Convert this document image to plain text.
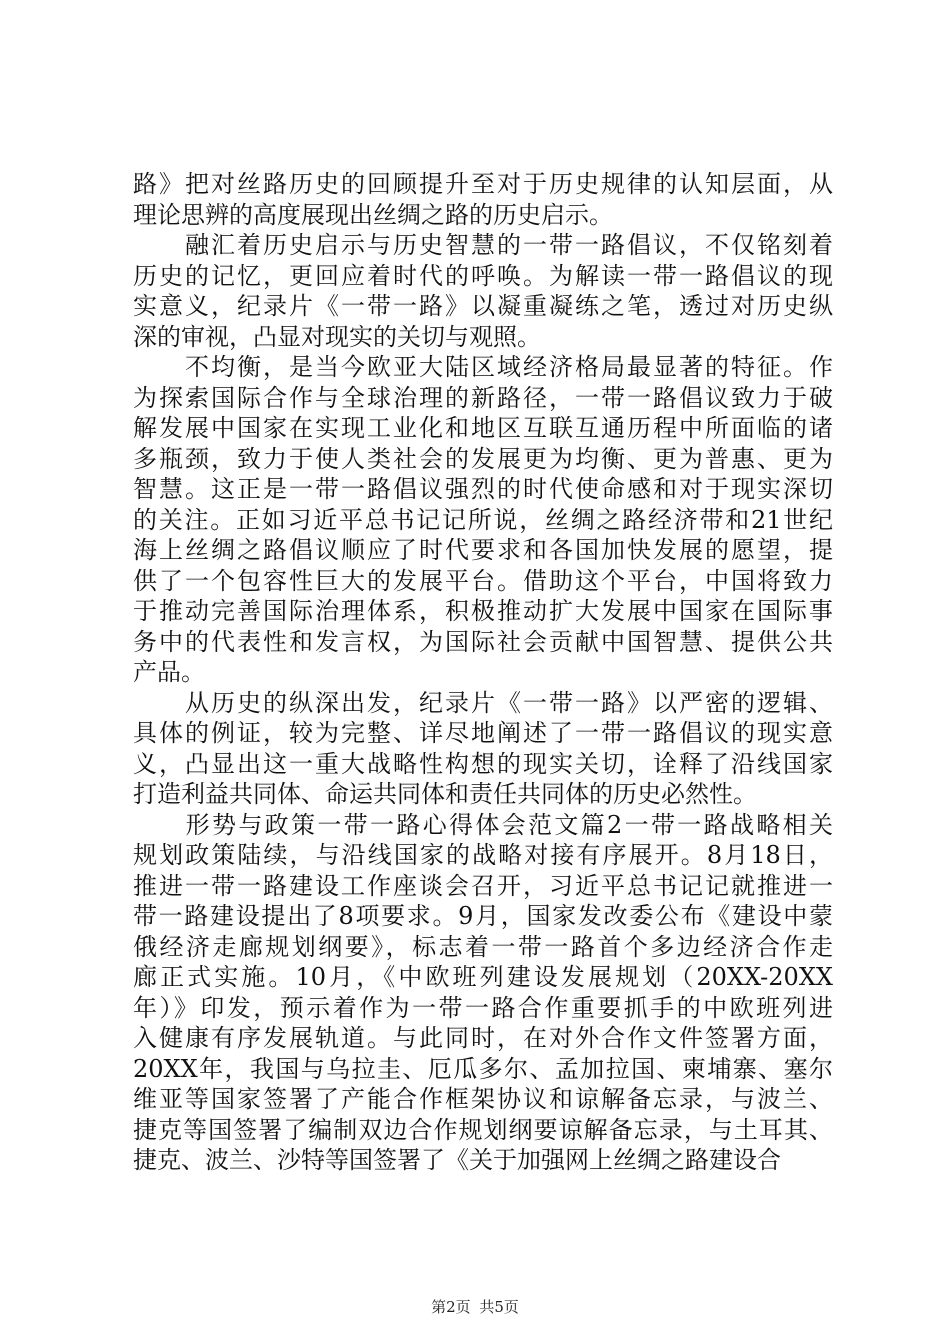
路》把对丝路历史的回顾提升至对于历史规律的认知层面，从
理论思辨的高度展现出丝绸之路的历史启示。
　　融汇着历史启示与历史智慧的一带一路倡议，不仅铭刻着
历史的记忆，更回应着时代的呼唤。为解读一带一路倡议的现
实意义，纪录片《一带一路》以凝重凝练之笔，透过对历史纵
深的审视，凸显对现实的关切与观照。
　　不均衡，是当今欧亚大陆区域经济格局最显著的特征。作
为探索国际合作与全球治理的新路径，一带一路倡议致力于破
解发展中国家在实现工业化和地区互联互通历程中所面临的诸
多瓶颈，致力于使人类社会的发展更为均衡、更为普惠、更为
智慧。这正是一带一路倡议强烈的时代使命感和对于现实深切
的关注。正如习近平总书记记所说，丝绸之路经济带和21世纪
海上丝绸之路倡议顺应了时代要求和各国加快发展的愿望，提
供了一个包容性巨大的发展平台。借助这个平台，中国将致力
于推动完善国际治理体系，积极推动扩大发展中国家在国际事
务中的代表性和发言权，为国际社会贡献中国智慧、提供公共
产品。
　　从历史的纵深出发，纪录片《一带一路》以严密的逻辑、
具体的例证，较为完整、详尽地阐述了一带一路倡议的现实意
义，凸显出这一重大战略性构想的现实关切，诠释了沿线国家
打造利益共同体、命运共同体和责任共同体的历史必然性。
　　形势与政策一带一路心得体会范文篇2一带一路战略相关
规划政策陆续，与沿线国家的战略对接有序展开。8月18日，
推进一带一路建设工作座谈会召开，习近平总书记记就推进一
带一路建设提出了8项要求。9月，国家发改委公布《建设中蒙
俄经济走廊规划纲要》，标志着一带一路首个多边经济合作走
廊正式实施。10月，《中欧班列建设发展规划（20XX-20XX
年）》印发，预示着作为一带一路合作重要抓手的中欧班列进
入健康有序发展轨道。与此同时，在对外合作文件签署方面，
20XX年，我国与乌拉圭、厄瓜多尔、孟加拉国、柬埔寨、塞尔
维亚等国家签署了产能合作框架协议和谅解备忘录，与波兰、
捷克等国签署了编制双边合作规划纲要谅解备忘录，与土耳其、
捷克、波兰、沙特等国签署了《关于加强网上丝绸之路建设合
第2页 共5页
